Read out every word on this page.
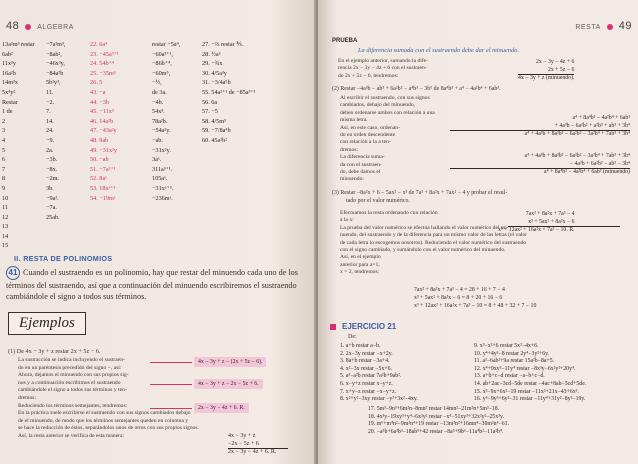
48	ALGEBRA
13a²m³ restar
6ab²
11x³y
16a²b
14m³x
5x⁴y²
Restar
1 de
2
3
4
5
6
7
8
9
10
11
12
13
14
15
−7a²m³,
−8ab²,
−46x³y,
−84a²b
5b²y³,
11.
−2.
7.
14.
24.
−9.
2a.
−3b.
−8x.
−2m.
3b.
−9a².
−7a.
25ab.
22. 6a⁴
23. −45a³⁺¹
24. 54b⁺⁴
25. −35m⁵
26. 5
43. −a
44. −3b
45. −11x³
46. 14a²b
47. −43a²y
48. 9ab
49. −31x²y
50. −ab
51. −7a³⁺¹
52. 8aˣ
53. 18xᵃ⁺³
54. −19mᵃ
restar −5a⁴,
−60a³⁺¹,
−86b⁺⁴,
−60m⁵,
−½,
de 3a.
−4b.
54x³.
78a²b.
−54a²y.
−ab.
−31x²y.
3aˣ.
311a³⁺¹.
105aˣ.
−31xᵃ⁺³.
−236mᵃ.
27. −⅔ restar ⅗.
28. ½a³
29. −¾x
30. 4/5a³y
31. −3/4a⁵b
55. 54a²⁺¹ de −85a³⁺¹
56. 6a
57. −5
58. 4/5m³
59. −7/8a⁴b
60. 45a²b²
II. RESTA DE POLINOMIOS
41 Cuando el sustraendo es un polinomio, hay que restar del minuendo cada uno de los términos del sustraendo, así que a continuación del minuendo escribiremos el sustraendo cambiándole el signo a todos sus términos.
Ejemplos
(1) De 4x − 3y + z restar 2x + 5z − 6.
La sustracción se indica incluyendo el sustraen-
do en un paréntesis precedido del signo −, así:
Ahora, dejamos el minuendo con sus propios sig-
nos y a continuación escribimos el sustraendo
cambiándole el signo a todos sus términos y ten-
dremos:
Reduciendo los términos semejantes, tendremos:
En la práctica suele escribirse el sustraendo con sus signos cambiados debajo
de el minuendo, de modo que los términos semejantes queden en columna y
se hace la reducción de éstos, separándolos unos de otros con sus propios signos.
Así, la resta anterior se verifica de esta manera:
4x − 3y + z − (2x + 5z − 6).
4x − 3y + z − 2x − 5z + 6.
2x − 3y − 4z + 6. R.
4x − 3y + z
−2x − 5z + 6
2x − 3y − 4z + 6. R.
RESTA 49
PRUEBA
La diferencia sumada con el sustraendo debe dar el minuendo.
En el ejemplo anterior, sumando la dife-
rencia 2x − 3y − 4z + 6 con el sustraen-
do 2x + 5z − 6, tendremos:
2x − 3y − 4z + 6
2x + 5z − 6
4x − 3y + z (minuendo).
(2) Restar −4a³b − ab³ + 6a²b² − a⁴b³ − 3b⁵ de 8a⁴b³ + a⁴ − 4a²b⁴ + 6ab³.
Al escribir el sustraendo, con sus signos cambiados, debajo del minuendo,
deben ordenarse ambos con relación a una misma letra.
Así, en este caso, ordenan-
do en orden descendente
con relación a la a ten-
dremos:
La diferencia suma-
da con el sustraen-
do, debe damos el
minuendo:
a⁴ + 8a⁴b³ − 4a²b⁴ + 6ab³
+ 4a³b − 6a²b² + a²b³ + ab³ + 3b⁴
a⁴ + 4a³b + 8a³b³ − 6a²b² − 3a²b⁴ + 7ab³ + 3b⁴
a⁴ + 4a³b + 8a³b³ − 6a²b² − 3a²b⁴ + 7ab³ + 3b⁴
− 4a³b + 6a²b² − ab³ − 3b⁴
a⁴ + 8a⁴b³ − 4a²b⁴ + 6ab³ (minuendo)
(3) Restar −8a²x + 6 − 5ax² − x³ de 7a³ + 8a²x + 7ax² − 4 y probar el resul-
tado por el valor numérico.
Efectuamos la resta ordenando con relación
a la x:
La prueba del valor numérico se efectúa hallando el valor numérico del mi-
nuendo, del sustraendo y de la diferencia para un mismo valor de las letras (el valor
de cada letra lo escogemos nosotros). Reduciendo el valor numérico del sustraendo
con el signo cambiado, y sumándolo con el valor numérico del minuendo.
Así, en el ejemplo
anterior para a=1,
x = 2, tendremos:
7ax² + 8a²x + 7a³ − 4
x³ + 5ax² + 8a²x − 6
x³ + 12ax² + 16a²x + 7a³ − 10. R.
7ax² + 8a²x + 7a³ − 4 = 28 + 16 + 7 − 4
x³ + 5ax² + 8a²x − 6 = 8 + 20 + 16 − 6
x³ + 12ax² + 16a²x + 7a³ − 10 = 8 + 48 + 32 + 7 − 10
EJERCICIO 21
De:
1. a+b restar a−b.
2. 2x−3y restar −x+2y.
3. 8a+b restar −3a+4.
4. x²−3x restar −5x+6.
5. a³−a²b restar 7a²b+9ab².
6. x−y+z restar x−y+z.
7. x+y−z restar −x−y+z.
8. x²+y²−3xy restar −y²+3x²−4xy.
9. x³−x²+6 restar 5x²−4x+6.
10. y⁴+4y³−8 restar 2y⁴−3y²+6y.
11. a³−6ab²+9a restar 15a²b−8a+5.
12. x⁴+9xy³−11y⁴ restar −8x³y−6x²y²+20y⁴.
13. a+b+c−d restar −a−b+c−d.
14. ab+2ac−3cd−5de restar −4ac+8ab−5cd+5de.
15. x³−9x+6x²−19 restar −11x²+21x−43+6x³.
16. y⁵−9y³+6y²−31 restar −11y⁴+31y²−8y²−19y.
17. 5m³−9n³+6m²n−8mn² restar 14mn²−21m²n+5m³−18.
18. 4x³y−19xy³+y⁴−6x²y² restar −x⁴−51xy³+32x²y²−25x³y.
19. m⁶+m⁴n²−9m²n⁴+19 restar −13m³n²+16mn⁴−30m²n⁴−61.
20. −a⁵b+6a³b³−18ab⁵+42 restar −8a⁵+9b⁶−11a⁴b²−11a²b⁴.
